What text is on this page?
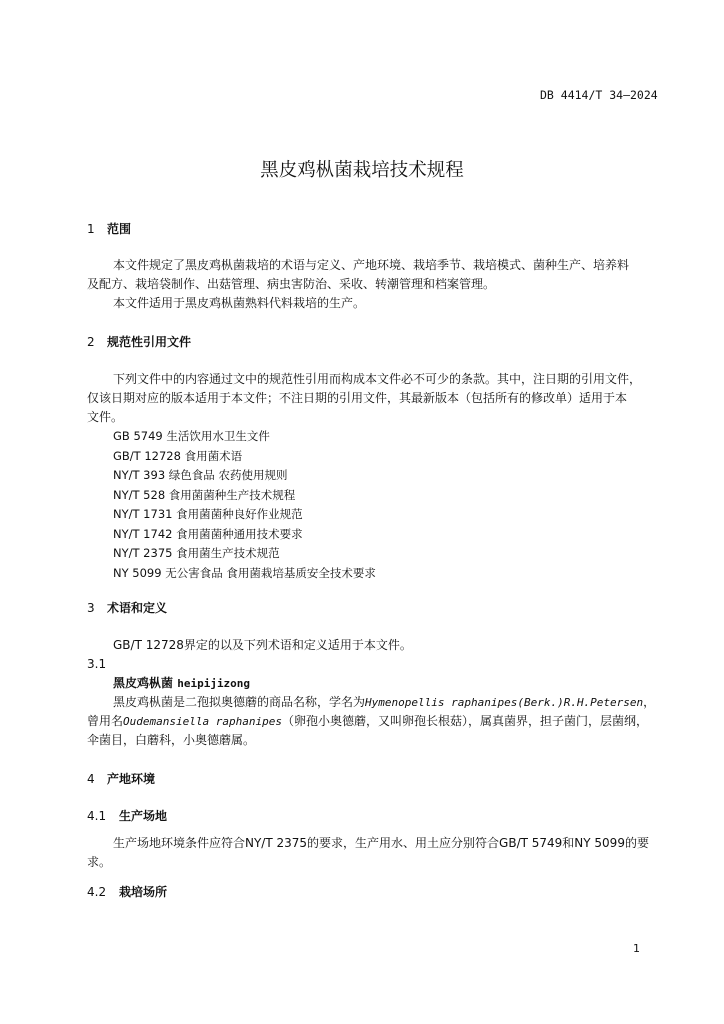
DB 4414/T 34—2024
黑皮鸡枞菌栽培技术规程
1 范围
本文件规定了黑皮鸡枞菌栽培的术语与定义、产地环境、栽培季节、栽培模式、菌种生产、培养料
及配方、栽培袋制作、出菇管理、病虫害防治、采收、转潮管理和档案管理。
本文件适用于黑皮鸡枞菌熟料代料栽培的生产。
2 规范性引用文件
下列文件中的内容通过文中的规范性引用而构成本文件必不可少的条款。其中，注日期的引用文件，
仅该日期对应的版本适用于本文件；不注日期的引用文件，其最新版本（包括所有的修改单）适用于本
文件。
GB 5749 生活饮用水卫生文件
GB/T 12728 食用菌术语
NY/T 393 绿色食品 农药使用规则
NY/T 528 食用菌菌种生产技术规程
NY/T 1731 食用菌菌种良好作业规范
NY/T 1742 食用菌菌种通用技术要求
NY/T 2375 食用菌生产技术规范
NY 5099 无公害食品 食用菌栽培基质安全技术要求
3 术语和定义
GB/T 12728界定的以及下列术语和定义适用于本文件。
3.1
黑皮鸡枞菌 heipijizong
黑皮鸡枞菌是二孢拟奥德蘑的商品名称，学名为Hymenopellis raphanipes(Berk.)R.H.Petersen，
曾用名Oudemansiella raphanipes（卵孢小奥德蘑，又叫卵孢长根菇），属真菌界，担子菌门，层菌纲，
伞菌目，白蘑科，小奥德蘑属。
4 产地环境
4.1 生产场地
生产场地环境条件应符合NY/T 2375的要求，生产用水、用土应分别符合GB/T 5749和NY 5099的要
求。
4.2 栽培场所
1
